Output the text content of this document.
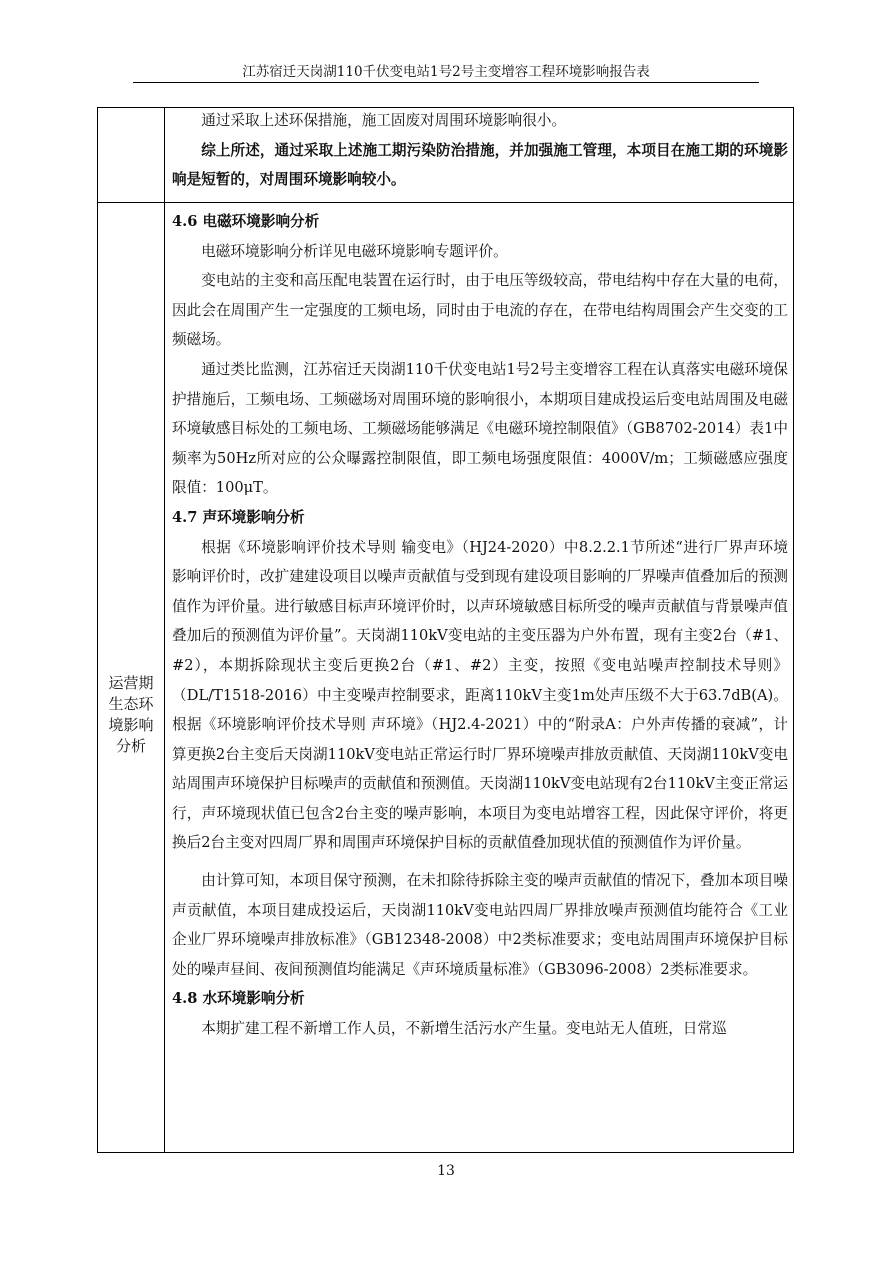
江苏宿迁天岗湖110千伏变电站1号2号主变增容工程环境影响报告表

通过采取上述环保措施，施工固废对周围环境影响很小。

综上所述，通过采取上述施工期污染防治措施，并加强施工管理，本项目在施工期的环境影响是短暂的，对周围环境影响较小。

运营期
生态环
境影响
分析

4.6 电磁环境影响分析

电磁环境影响分析详见电磁环境影响专题评价。

变电站的主变和高压配电装置在运行时，由于电压等级较高，带电结构中存在大量的电荷，因此会在周围产生一定强度的工频电场，同时由于电流的存在，在带电结构周围会产生交变的工频磁场。

通过类比监测，江苏宿迁天岗湖110千伏变电站1号2号主变增容工程在认真落实电磁环境保护措施后，工频电场、工频磁场对周围环境的影响很小，本期项目建成投运后变电站周围及电磁环境敏感目标处的工频电场、工频磁场能够满足《电磁环境控制限值》（GB8702-2014）表1中频率为50Hz所对应的公众曝露控制限值，即工频电场强度限值：4000V/m；工频磁感应强度限值：100μT。

4.7 声环境影响分析

根据《环境影响评价技术导则 输变电》（HJ24-2020）中8.2.2.1节所述“进行厂界声环境影响评价时，改扩建建设项目以噪声贡献值与受到现有建设项目影响的厂界噪声值叠加后的预测值作为评价量。进行敏感目标声环境评价时，以声环境敏感目标所受的噪声贡献值与背景噪声值叠加后的预测值为评价量”。天岗湖110kV变电站的主变压器为户外布置，现有主变2台（#1、#2），本期拆除现状主变后更换2台（#1、#2）主变，按照《变电站噪声控制技术导则》（DL/T1518-2016）中主变噪声控制要求，距离110kV主变1m处声压级不大于63.7dB(A)。根据《环境影响评价技术导则 声环境》（HJ2.4-2021）中的“附录A：户外声传播的衰减”，计算更换2台主变后天岗湖110kV变电站正常运行时厂界环境噪声排放贡献值、天岗湖110kV变电站周围声环境保护目标噪声的贡献值和预测值。天岗湖110kV变电站现有2台110kV主变正常运行，声环境现状值已包含2台主变的噪声影响，本项目为变电站增容工程，因此保守评价，将更换后2台主变对四周厂界和周围声环境保护目标的贡献值叠加现状值的预测值作为评价量。

由计算可知，本项目保守预测，在未扣除待拆除主变的噪声贡献值的情况下，叠加本项目噪声贡献值，本项目建成投运后，天岗湖110kV变电站四周厂界排放噪声预测值均能符合《工业企业厂界环境噪声排放标准》（GB12348-2008）中2类标准要求；变电站周围声环境保护目标处的噪声昼间、夜间预测值均能满足《声环境质量标准》（GB3096-2008）2类标准要求。

4.8 水环境影响分析

本期扩建工程不新增工作人员，不新增生活污水产生量。变电站无人值班，日常巡

13
